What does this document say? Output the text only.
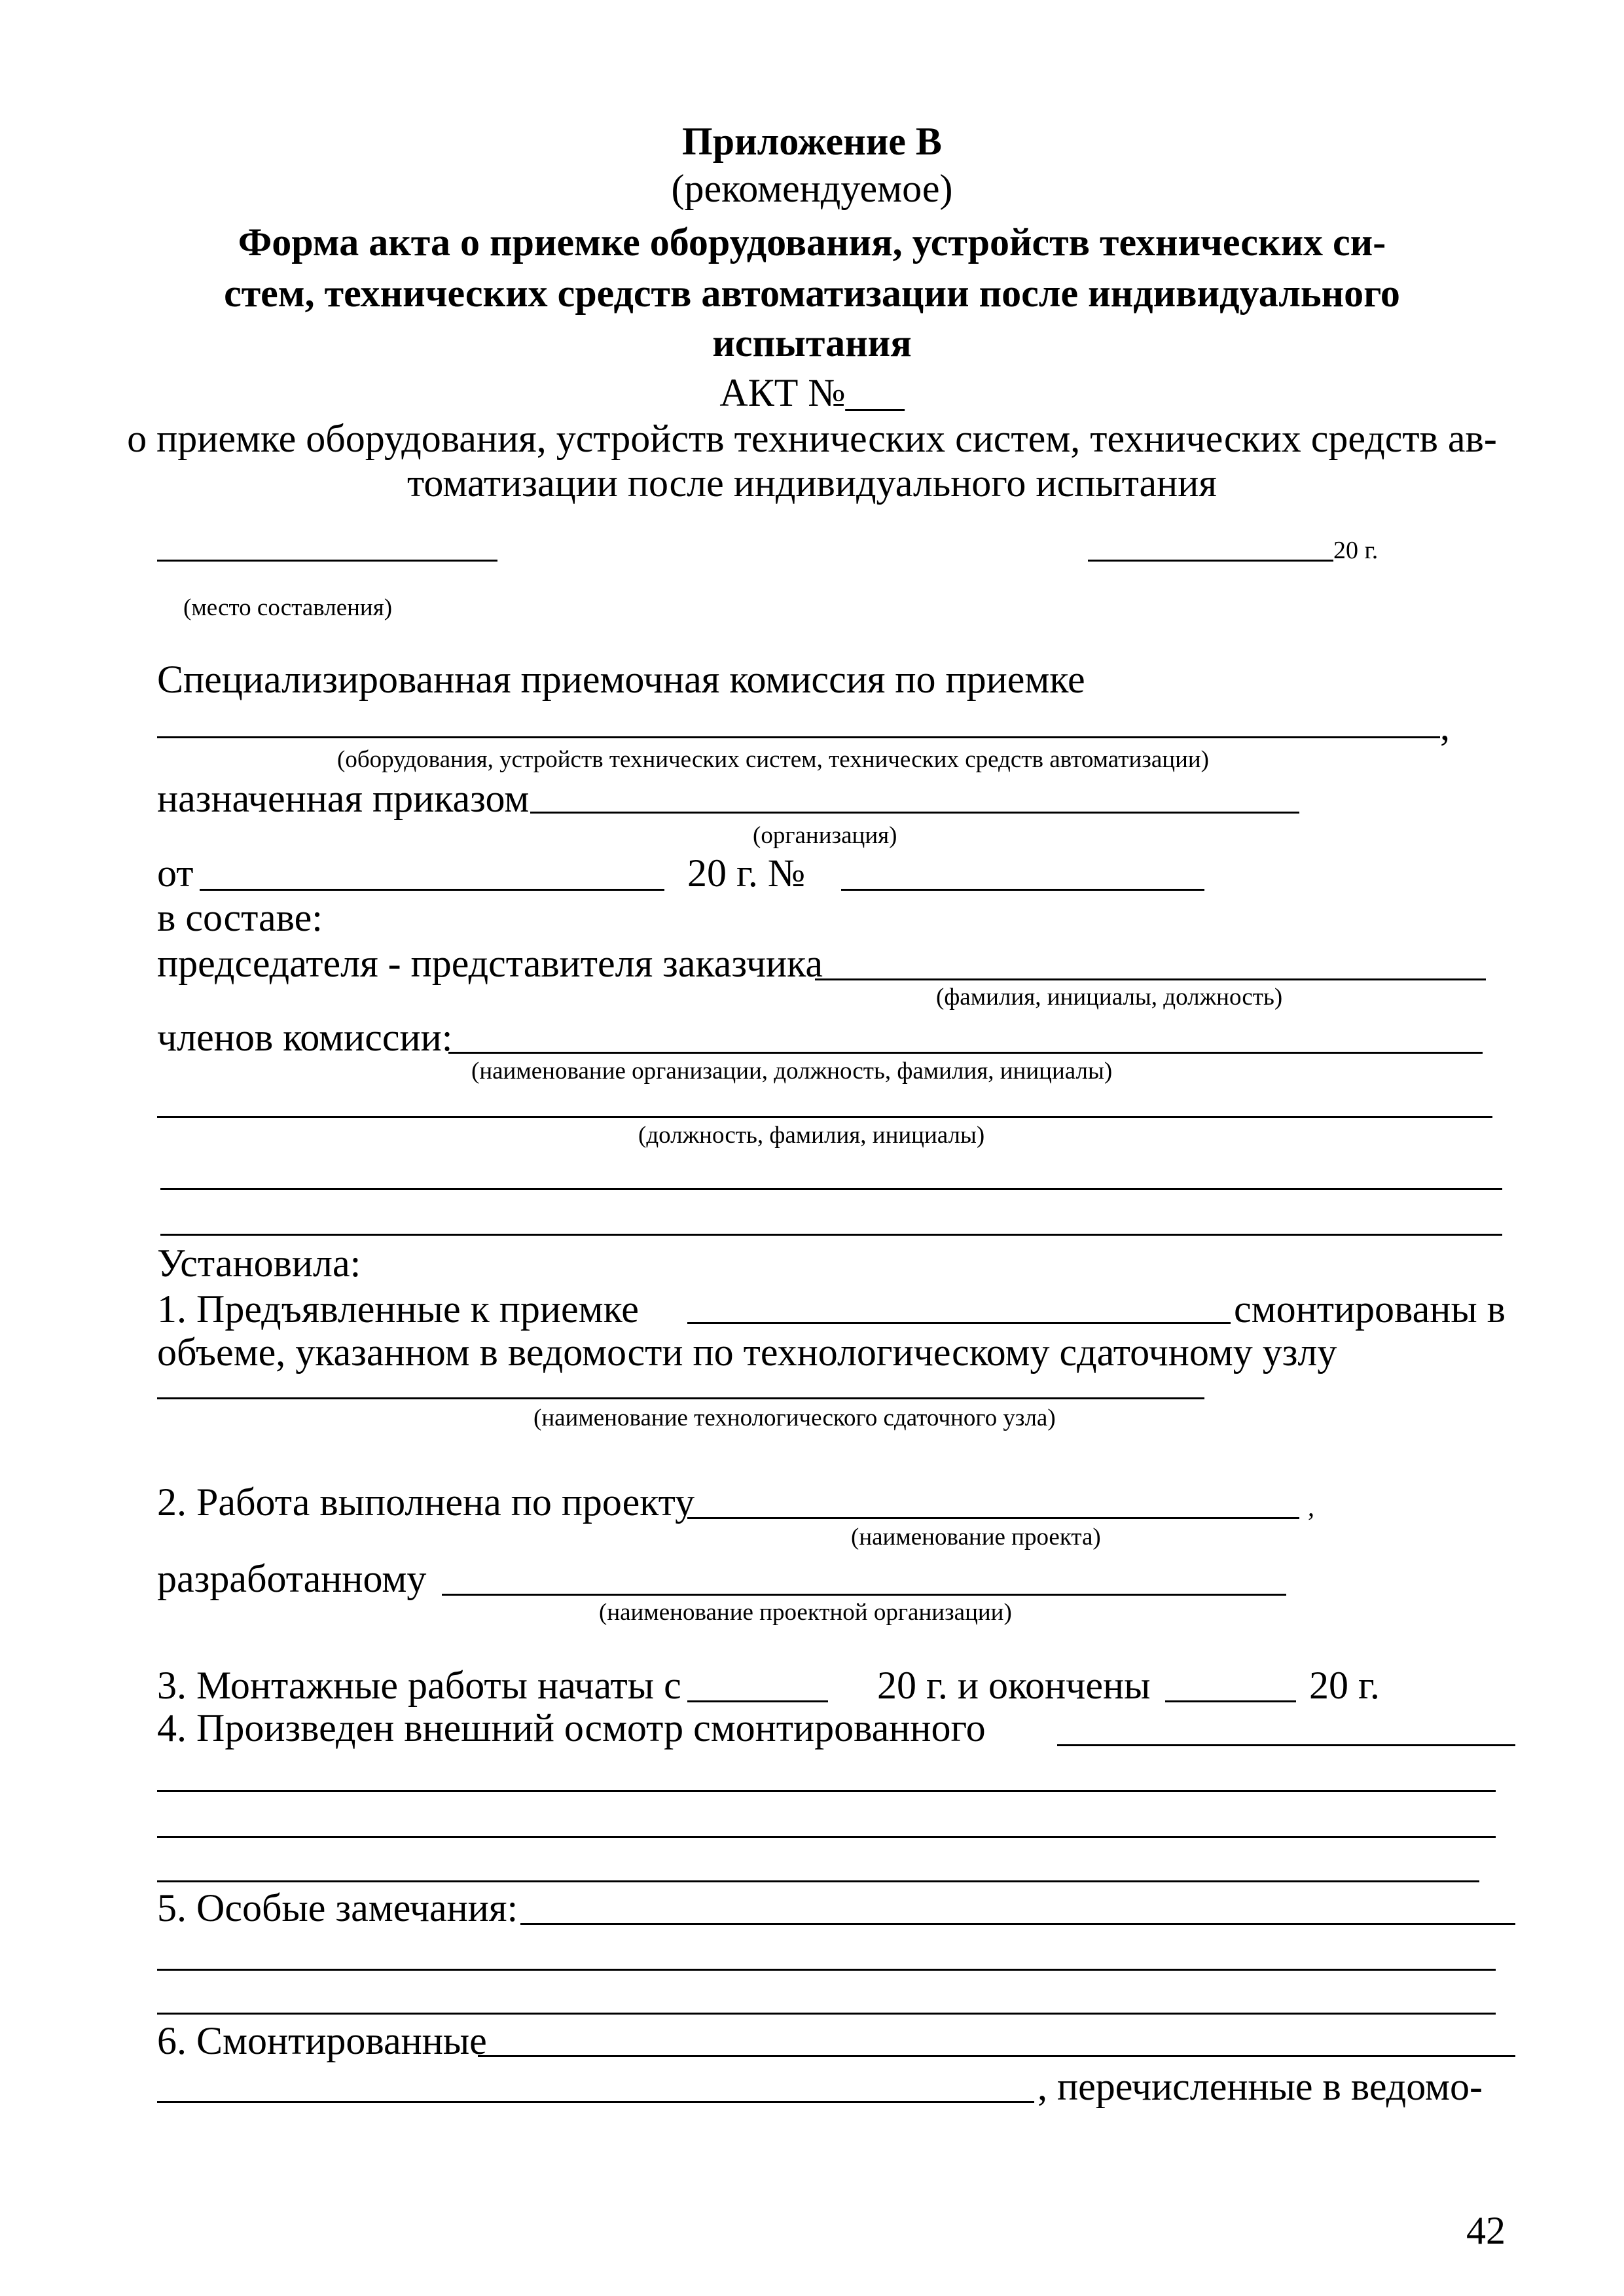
Приложение В
(рекомендуемое)
Форма акта о приемке оборудования, устройств технических си-
стем, технических средств автоматизации после индивидуального
испытания
АКТ №___
о приемке оборудования, устройств технических систем, технических средств ав-
томатизации после индивидуального испытания
20 г.
(место составления)
Специализированная приемочная комиссия по приемке
,
(оборудования, устройств технических систем, технических средств автоматизации)
назначенная приказом
(организация)
от	20 г. №
в составе:
председателя - представителя заказчика
(фамилия, инициалы, должность)
членов комиссии:
(наименование организации, должность, фамилия, инициалы)
(должность, фамилия, инициалы)
Установила:
1. Предъявленные к приемке	смонтированы в
объеме, указанном в ведомости по технологическому сдаточному узлу
(наименование технологического сдаточного узла)
2. Работа выполнена по проекту	,
(наименование проекта)
разработанному
(наименование проектной организации)
3. Монтажные работы начаты с	20 г. и окончены	20 г.
4. Произведен внешний осмотр смонтированного
5. Особые замечания:
6. Смонтированные
, перечисленные в ведомо-
42
